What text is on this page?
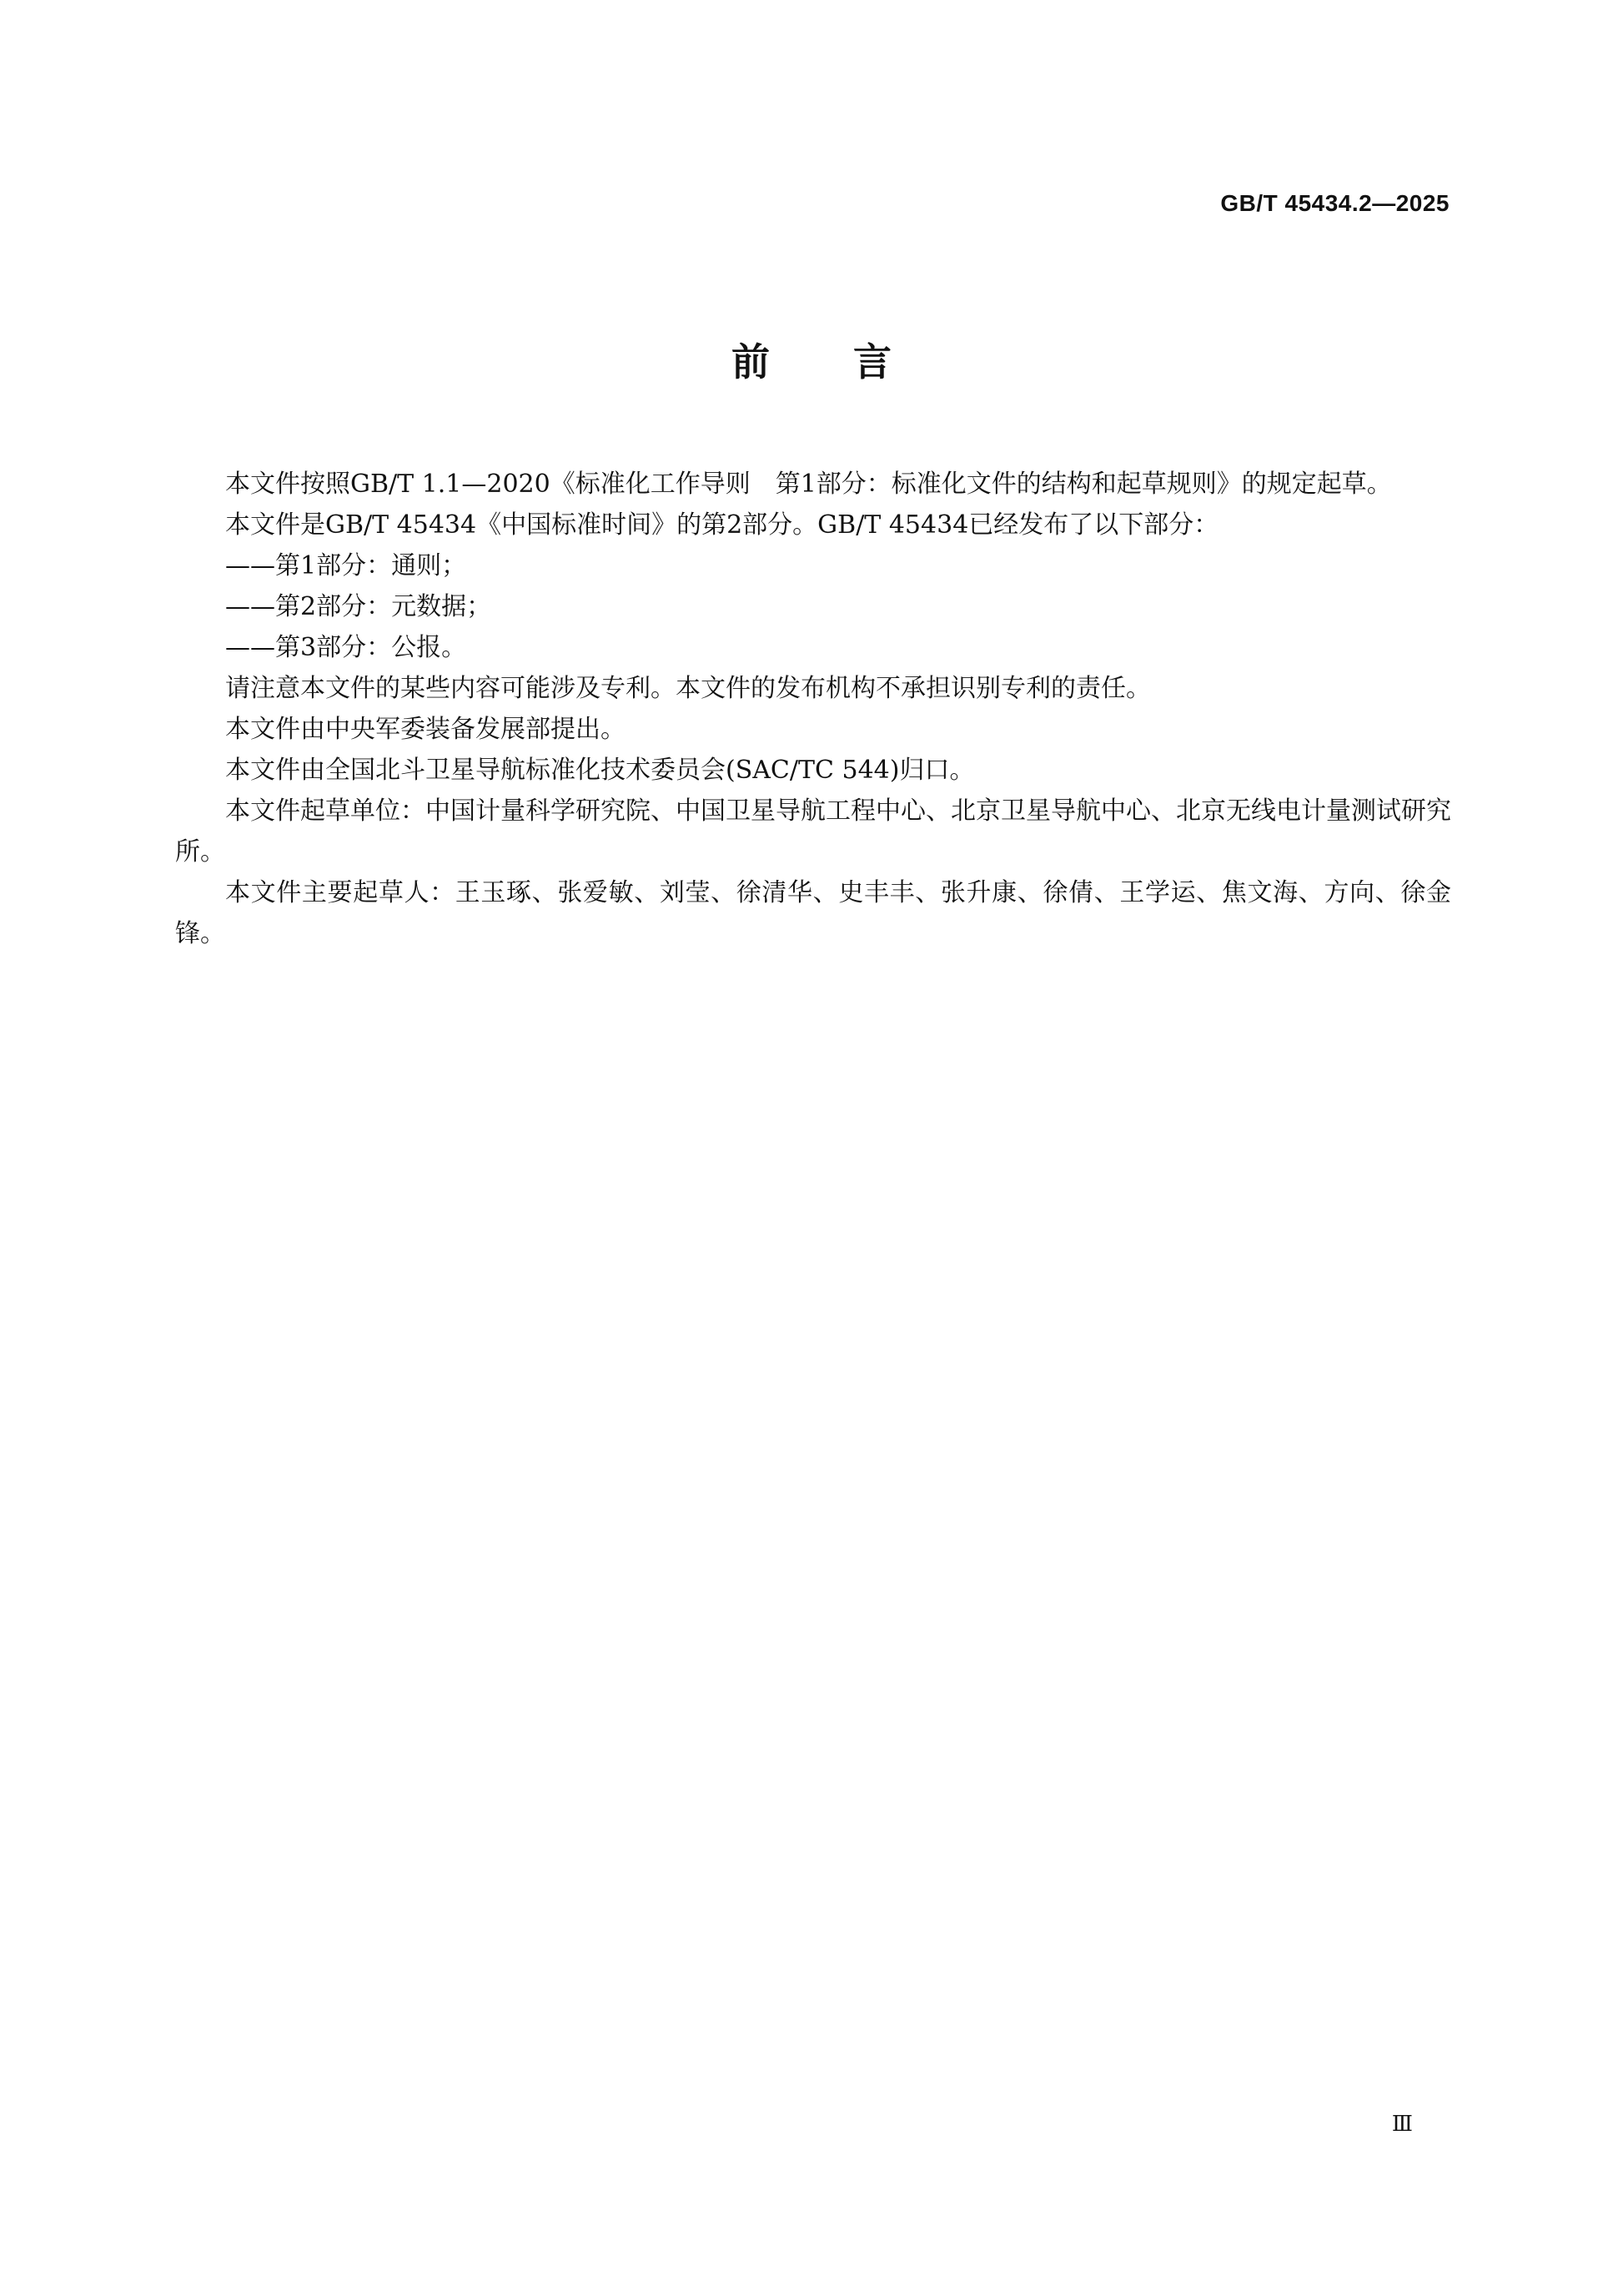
GB/T 45434.2—2025
前言

本文件按照GB/T 1.1—2020《标准化工作导则　第1部分：标准化文件的结构和起草规则》的规定起草。

本文件是GB/T 45434《中国标准时间》的第2部分。GB/T 45434已经发布了以下部分：

——第1部分：通则；

——第2部分：元数据；

——第3部分：公报。

请注意本文件的某些内容可能涉及专利。本文件的发布机构不承担识别专利的责任。

本文件由中央军委装备发展部提出。

本文件由全国北斗卫星导航标准化技术委员会(SAC/TC 544)归口。

本文件起草单位：中国计量科学研究院、中国卫星导航工程中心、北京卫星导航中心、北京无线电计量测试研究所。

本文件主要起草人：王玉琢、张爱敏、刘莹、徐清华、史丰丰、张升康、徐倩、王学运、焦文海、方向、徐金锋。

Ⅲ
